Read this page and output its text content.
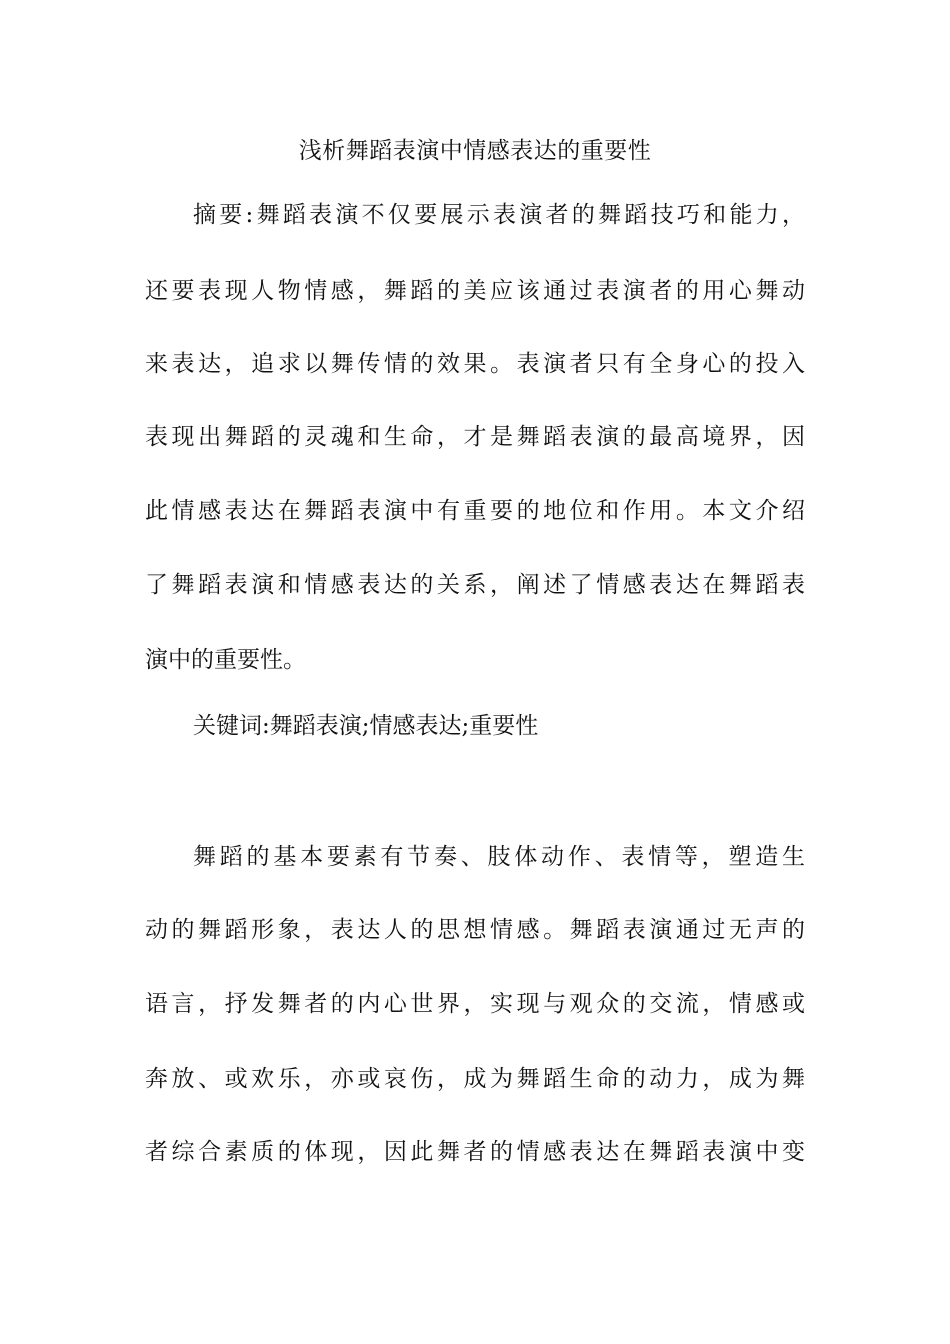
浅析舞蹈表演中情感表达的重要性
摘要:舞蹈表演不仅要展示表演者的舞蹈技巧和能力，
还要表现人物情感，舞蹈的美应该通过表演者的用心舞动
来表达，追求以舞传情的效果。表演者只有全身心的投入
表现出舞蹈的灵魂和生命，才是舞蹈表演的最高境界，因
此情感表达在舞蹈表演中有重要的地位和作用。本文介绍
了舞蹈表演和情感表达的关系，阐述了情感表达在舞蹈表
演中的重要性。
关键词:舞蹈表演;情感表达;重要性
舞蹈的基本要素有节奏、肢体动作、表情等，塑造生
动的舞蹈形象，表达人的思想情感。舞蹈表演通过无声的
语言，抒发舞者的内心世界，实现与观众的交流，情感或
奔放、或欢乐，亦或哀伤，成为舞蹈生命的动力，成为舞
者综合素质的体现，因此舞者的情感表达在舞蹈表演中变
